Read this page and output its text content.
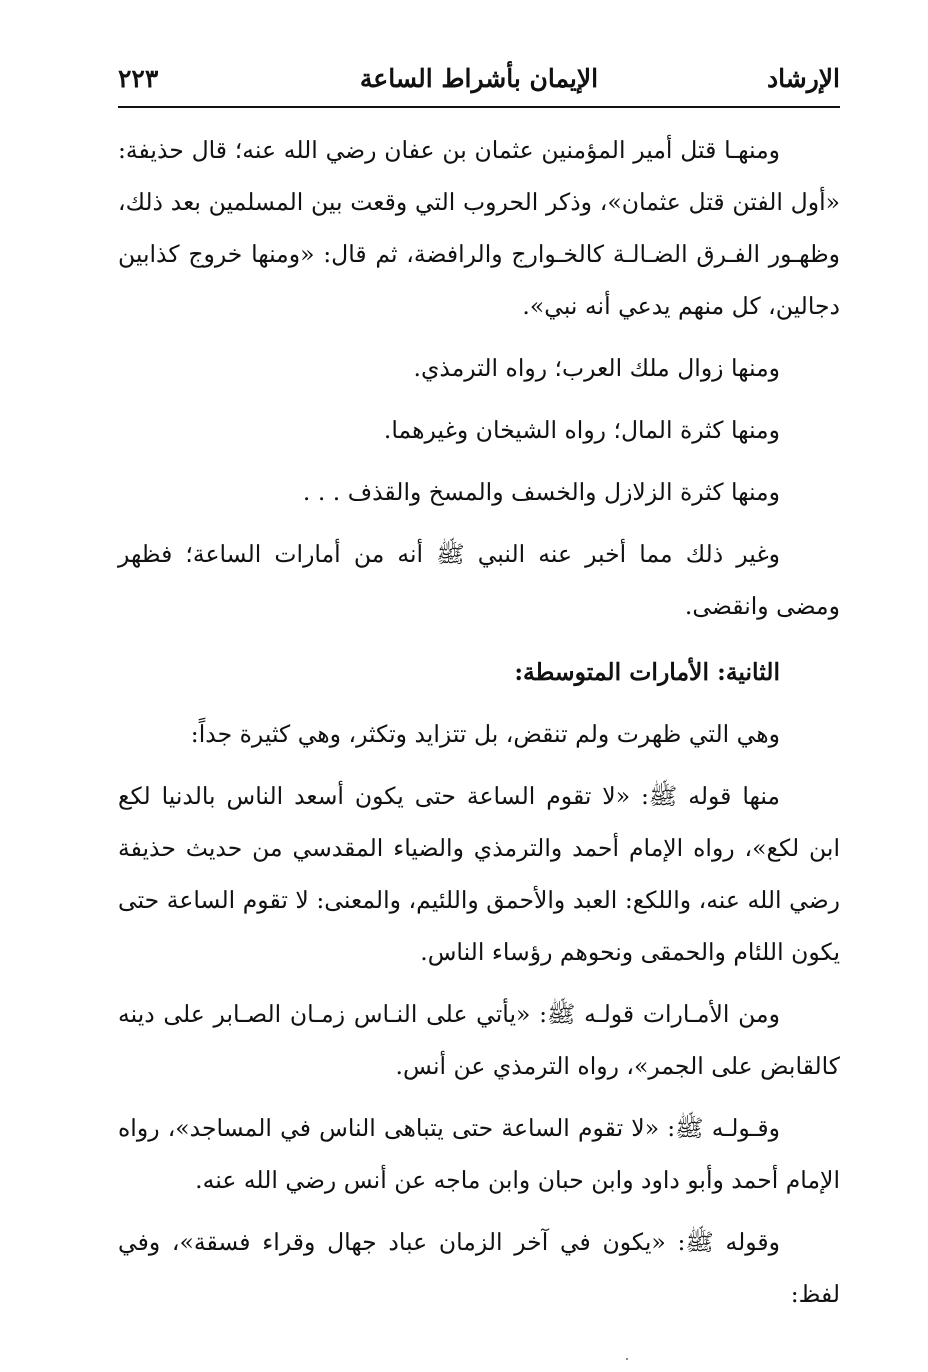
الإرشاد
الإيمان بأشراط الساعة
٢٢٣

ومنهـا قتل أمير المؤمنين عثمان بن عفان رضي الله عنه؛ قال حذيفة: «أول الفتن قتل عثمان»، وذكر الحروب التي وقعت بين المسلمين بعد ذلك، وظهـور الفـرق الضـالـة كالخـوارج والرافضة، ثم قال: «ومنها خروج كذابين دجالين، كل منهم يدعي أنه نبي».

ومنها زوال ملك العرب؛ رواه الترمذي.

ومنها كثرة المال؛ رواه الشيخان وغيرهما.

ومنها كثرة الزلازل والخسف والمسخ والقذف . . .

وغير ذلك مما أخبر عنه النبي ﷺ أنه من أمارات الساعة؛ فظهر ومضى وانقضى.

الثانية: الأمارات المتوسطة:

وهي التي ظهرت ولم تنقض، بل تتزايد وتكثر، وهي كثيرة جداً:

منها قوله ﷺ: «لا تقوم الساعة حتى يكون أسعد الناس بالدنيا لكع ابن لكع»، رواه الإمام أحمد والترمذي والضياء المقدسي من حديث حذيفة رضي الله عنه، واللكع: العبد والأحمق واللئيم، والمعنى: لا تقوم الساعة حتى يكون اللئام والحمقى ونحوهم رؤساء الناس.

ومن الأمـارات قولـه ﷺ: «يأتي على النـاس زمـان الصـابر على دينه كالقابض على الجمر»، رواه الترمذي عن أنس.

وقـولـه ﷺ: «لا تقوم الساعة حتى يتباهى الناس في المساجد»، رواه الإمام أحمد وأبو داود وابن حبان وابن ماجه عن أنس رضي الله عنه.

وقوله ﷺ: «يكون في آخر الزمان عباد جهال وقراء فسقة»، وفي لفظ:
